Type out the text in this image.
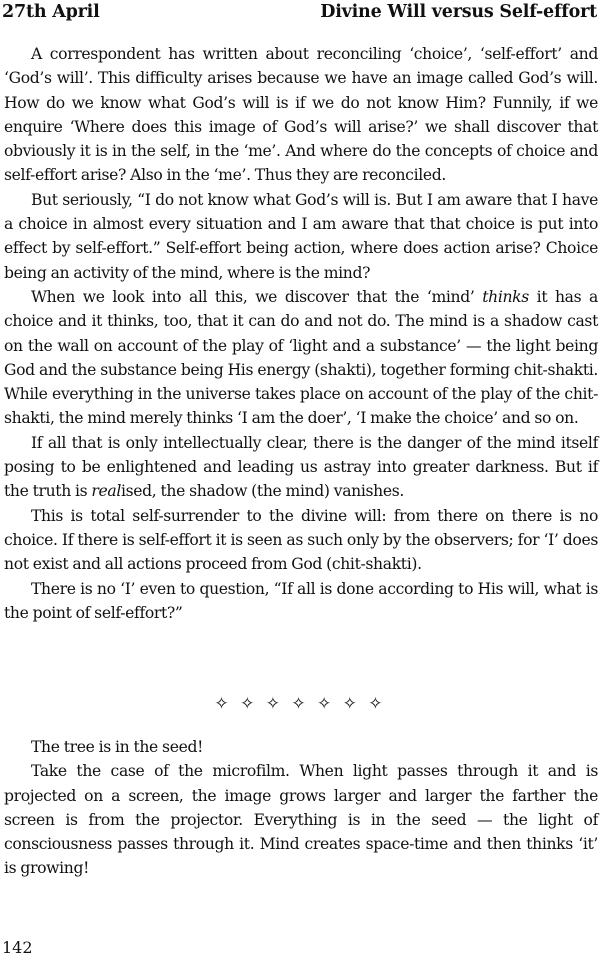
27th April	Divine Will versus Self-effort

A correspondent has written about reconciling ‘choice’, ‘self-effort’ and ‘God’s will’. This difficulty arises because we have an image called God’s will. How do we know what God’s will is if we do not know Him? Funnily, if we enquire ‘Where does this image of God’s will arise?’ we shall discover that obviously it is in the self, in the ‘me’. And where do the concepts of choice and self-effort arise? Also in the ‘me’. Thus they are reconciled.

But seriously, “I do not know what God’s will is. But I am aware that I have a choice in almost every situation and I am aware that that choice is put into effect by self-effort.” Self-effort being action, where does action arise? Choice being an activity of the mind, where is the mind?

When we look into all this, we discover that the ‘mind’ thinks it has a choice and it thinks, too, that it can do and not do. The mind is a shadow cast on the wall on account of the play of ‘light and a substance’ — the light being God and the substance being His energy (shakti), together forming chit-shakti. While everything in the universe takes place on account of the play of the chit-shakti, the mind merely thinks ‘I am the doer’, ‘I make the choice’ and so on.

If all that is only intellectually clear, there is the danger of the mind itself posing to be enlightened and leading us astray into greater darkness. But if the truth is realised, the shadow (the mind) vanishes.

This is total self-surrender to the divine will: from there on there is no choice. If there is self-effort it is seen as such only by the observers; for ‘I’ does not exist and all actions proceed from God (chit-shakti).

There is no ‘I’ even to question, “If all is done according to His will, what is the point of self-effort?”

✧ ✧ ✧ ✧ ✧ ✧ ✧

The tree is in the seed!

Take the case of the microfilm. When light passes through it and is projected on a screen, the image grows larger and larger the farther the screen is from the projector. Everything is in the seed — the light of consciousness passes through it. Mind creates space-time and then thinks ‘it’ is growing!

142
